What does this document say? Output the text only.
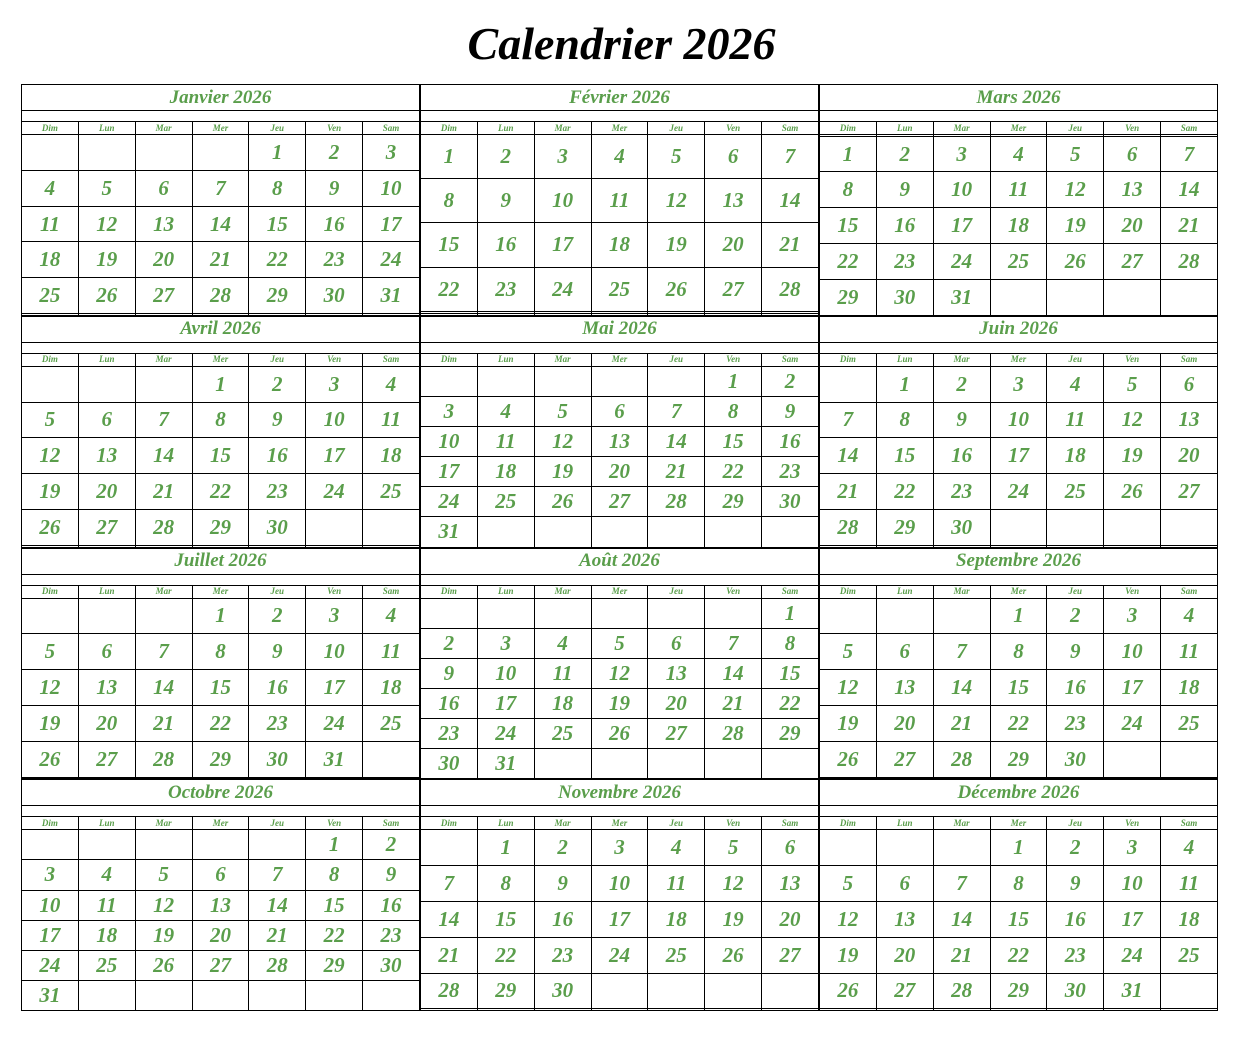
Calendrier 2026
Janvier 2026						

Dim	Lun	Mar	Mer	Jeu	Ven	Sam
				1	2	3
4	5	6	7	8	9	10
11	12	13	14	15	16	17
18	19	20	21	22	23	24
25	26	27	28	29	30	31

Février 2026						

Dim	Lun	Mar	Mer	Jeu	Ven	Sam
1	2	3	4	5	6	7
8	9	10	11	12	13	14
15	16	17	18	19	20	21
22	23	24	25	26	27	28

Mars 2026						

Dim	Lun	Mar	Mer	Jeu	Ven	Sam

1	2	3	4	5	6	7
8	9	10	11	12	13	14
15	16	17	18	19	20	21
22	23	24	25	26	27	28
29	30	31				
Avril 2026						

Dim	Lun	Mar	Mer	Jeu	Ven	Sam
			1	2	3	4
5	6	7	8	9	10	11
12	13	14	15	16	17	18
19	20	21	22	23	24	25
26	27	28	29	30		

Mai 2026						

Dim	Lun	Mar	Mer	Jeu	Ven	Sam
					1	2
3	4	5	6	7	8	9
10	11	12	13	14	15	16
17	18	19	20	21	22	23
24	25	26	27	28	29	30
31						
Juin 2026						

Dim	Lun	Mar	Mer	Jeu	Ven	Sam
	1	2	3	4	5	6
7	8	9	10	11	12	13
14	15	16	17	18	19	20
21	22	23	24	25	26	27
28	29	30				

Juillet 2026						

Dim	Lun	Mar	Mer	Jeu	Ven	Sam
			1	2	3	4
5	6	7	8	9	10	11
12	13	14	15	16	17	18
19	20	21	22	23	24	25
26	27	28	29	30	31	

Août 2026						

Dim	Lun	Mar	Mer	Jeu	Ven	Sam
						1
2	3	4	5	6	7	8
9	10	11	12	13	14	15
16	17	18	19	20	21	22
23	24	25	26	27	28	29
30	31					
Septembre 2026						

Dim	Lun	Mar	Mer	Jeu	Ven	Sam
			1	2	3	4
5	6	7	8	9	10	11
12	13	14	15	16	17	18
19	20	21	22	23	24	25
26	27	28	29	30		

Octobre 2026						

Dim	Lun	Mar	Mer	Jeu	Ven	Sam
					1	2
3	4	5	6	7	8	9
10	11	12	13	14	15	16
17	18	19	20	21	22	23
24	25	26	27	28	29	30
31						
Novembre 2026						

Dim	Lun	Mar	Mer	Jeu	Ven	Sam
	1	2	3	4	5	6
7	8	9	10	11	12	13
14	15	16	17	18	19	20
21	22	23	24	25	26	27
28	29	30				

Décembre 2026						

Dim	Lun	Mar	Mer	Jeu	Ven	Sam
			1	2	3	4
5	6	7	8	9	10	11
12	13	14	15	16	17	18
19	20	21	22	23	24	25
26	27	28	29	30	31	
